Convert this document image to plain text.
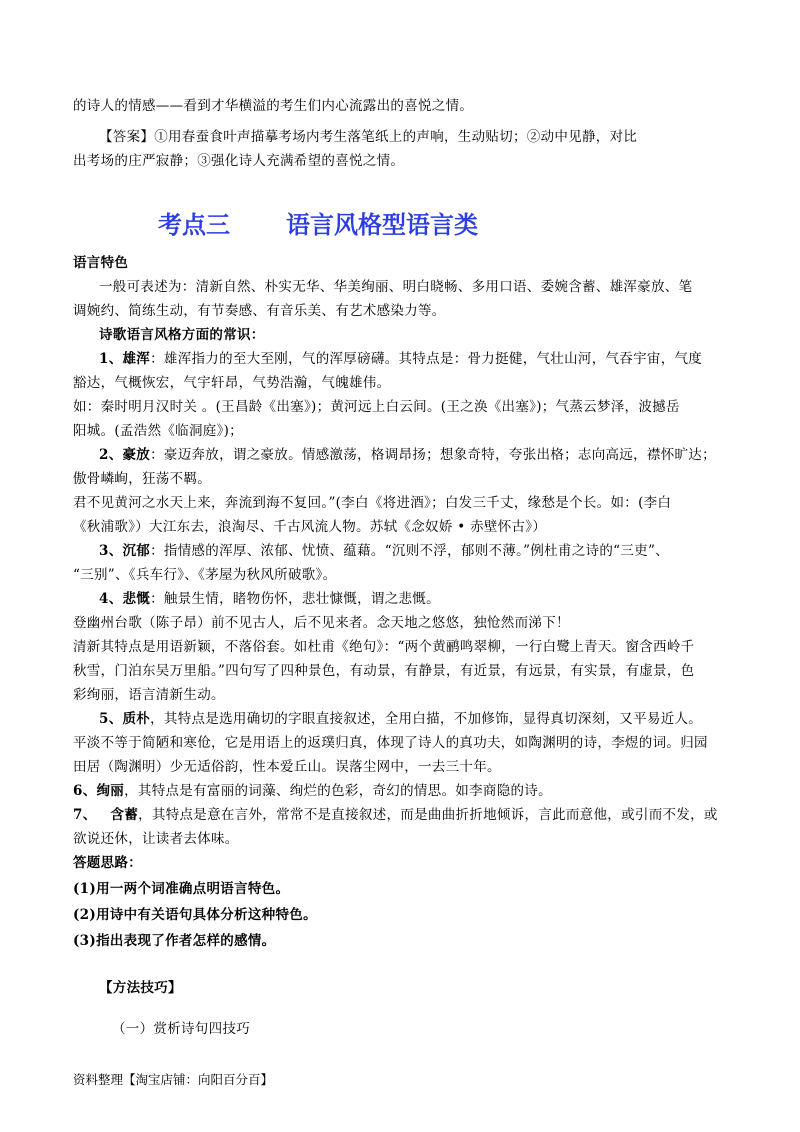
的诗人的情感——看到才华横溢的考生们内心流露出的喜悦之情。
【答案】①用春蚕食叶声描摹考场内考生落笔纸上的声响，生动贴切；②动中见静，对比
出考场的庄严寂静；③强化诗人充满希望的喜悦之情。
考点三 语言风格型语言类
语言特色
一般可表述为：清新自然、朴实无华、华美绚丽、明白晓畅、多用口语、委婉含蓄、雄浑豪放、笔
调婉约、简练生动，有节奏感、有音乐美、有艺术感染力等。
诗歌语言风格方面的常识：
1、雄浑：雄浑指力的至大至刚，气的浑厚磅礴。其特点是：骨力挺健，气壮山河，气吞宇宙，气度
豁达，气概恢宏，气宇轩昂，气势浩瀚，气魄雄伟。
如：秦时明月汉时关 。(王昌龄《出塞》)；黄河远上白云间。(王之涣《出塞》)；气蒸云梦泽，波撼岳
阳城。(孟浩然《临洞庭》)；
2、豪放：豪迈奔放，谓之豪放。情感激荡，格调昂扬；想象奇特，夸张出格；志向高远，襟怀旷达；
傲骨嶙峋，狂荡不羁。
君不见黄河之水天上来，奔流到海不复回。”(李白《将进酒》；白发三千丈，缘愁是个长。如：(李白
《秋浦歌》）大江东去，浪淘尽、千古风流人物。苏轼《念奴娇 • 赤壁怀古》）
3、沉郁：指情感的浑厚、浓郁、忧愤、蕴藉。“沉则不浮，郁则不薄。”例杜甫之诗的“三吏”、
“三别”、《兵车行》、《茅屋为秋风所破歌》。
4、悲慨：触景生情，睹物伤怀，悲壮慷慨，谓之悲慨。
登幽州台歌（陈子昂）前不见古人，后不见来者。念天地之悠悠，独怆然而涕下！
清新其特点是用语新颖，不落俗套。如杜甫《绝句》：“两个黄鹂鸣翠柳，一行白鹭上青天。窗含西岭千
秋雪，门泊东吴万里船。”四句写了四种景色，有动景，有静景，有近景，有远景，有实景，有虚景，色
彩绚丽，语言清新生动。
5、质朴，其特点是选用确切的字眼直接叙述，全用白描，不加修饰，显得真切深刻，又平易近人。
平淡不等于简陋和寒伧，它是用语上的返璞归真，体现了诗人的真功夫，如陶渊明的诗，李煜的词。归园
田居（陶渊明）少无适俗韵，性本爱丘山。误落尘网中，一去三十年。
6、绚丽，其特点是有富丽的词藻、绚烂的色彩，奇幻的情思。如李商隐的诗。
7、 含蓄，其特点是意在言外，常常不是直接叙述，而是曲曲折折地倾诉，言此而意他，或引而不发，或
欲说还休，让读者去体味。
答题思路：
(1)用一两个词准确点明语言特色。
(2)用诗中有关语句具体分析这种特色。
(3)指出表现了作者怎样的感情。
【方法技巧】
（一）赏析诗句四技巧
资料整理【淘宝店铺：向阳百分百】
